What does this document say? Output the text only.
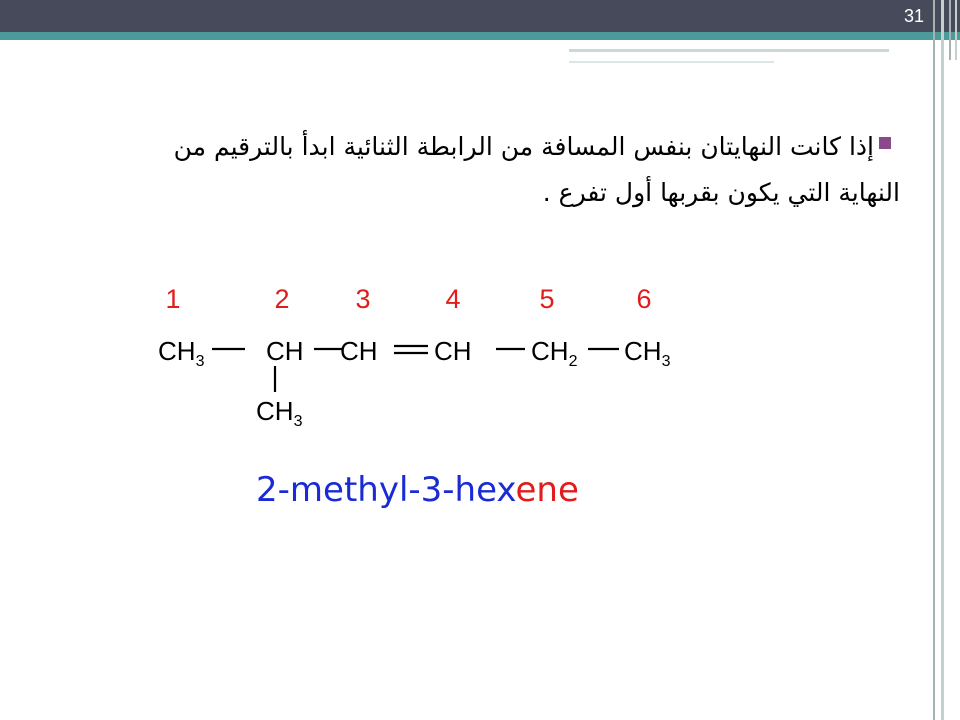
31
إذا كانت النهايتان بنفس المسافة من الرابطة الثنائية ابدأ بالترقيم من
النهاية التي يكون بقربها أول تفرع .
1	2 3	4	5	6
$CH_3$ CH CH CH $CH_2$ $CH_3$
$CH_3$
2-methyl-3-hexene
